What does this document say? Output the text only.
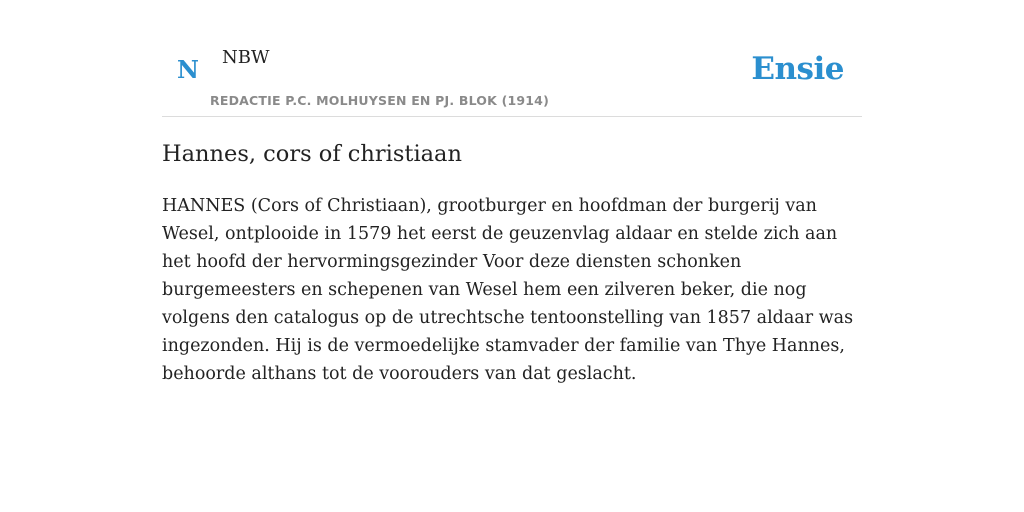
N NBW
REDACTIE P.C. MOLHUYSEN EN PJ. BLOK (1914)
Ensie
Hannes, cors of christiaan

HANNES (Cors of Christiaan), grootburger en hoofdman der burgerij van Wesel, ontplooide in 1579 het eerst de geuzenvlag aldaar en stelde zich aan het hoofd der hervormingsgezinder Voor deze diensten schonken burgemeesters en schepenen van Wesel hem een zilveren beker, die nog volgens den catalogus op de utrechtsche tentoonstelling van 1857 aldaar was ingezonden. Hij is de vermoedelijke stamvader der familie van Thye Hannes, behoorde althans tot de voorouders van dat geslacht.
